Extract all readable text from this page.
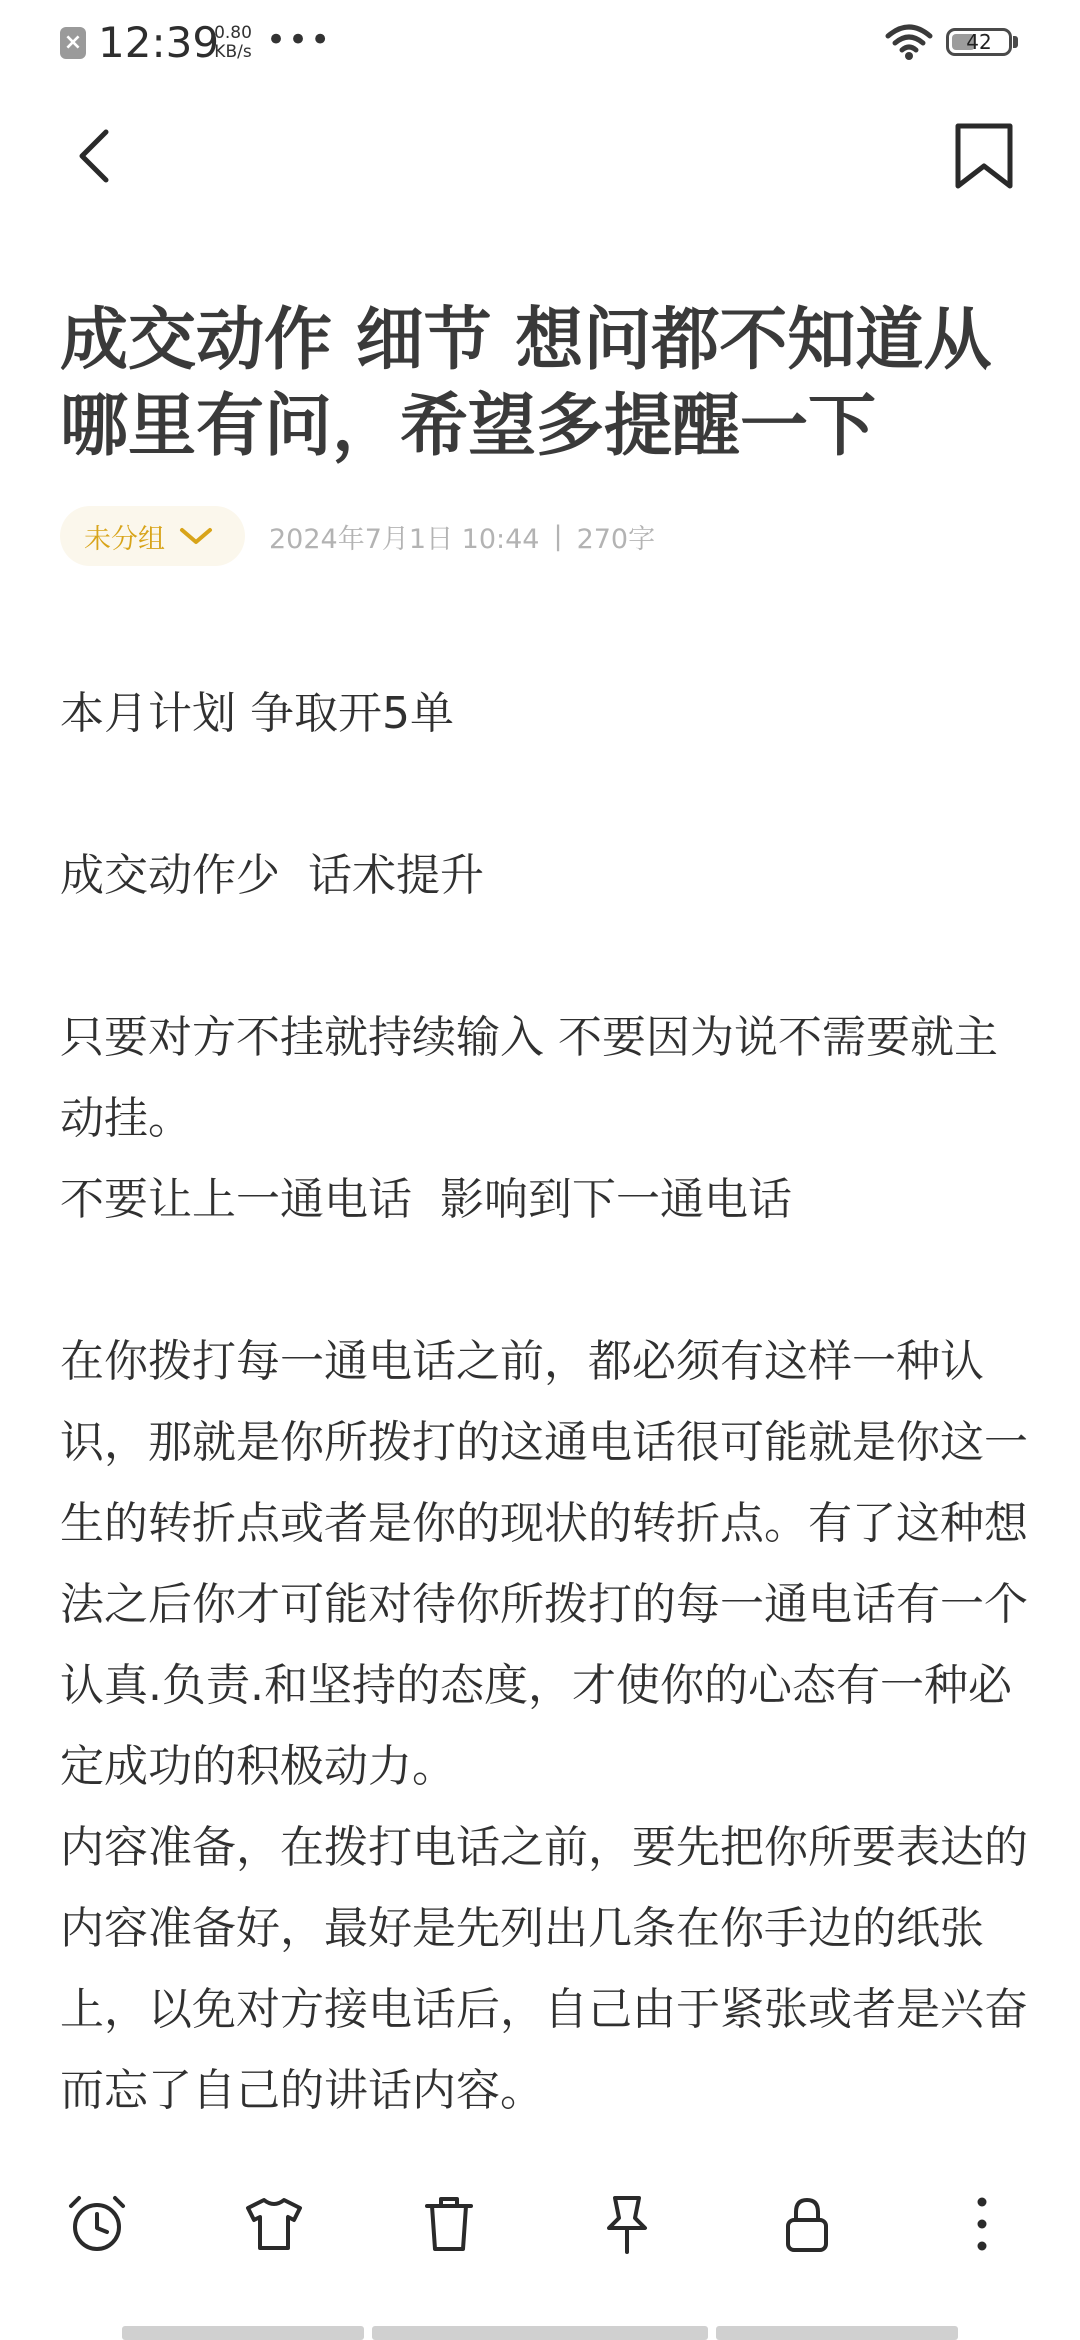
× 12:39
0.80
KB/s •••	42
成交动作 细节 想问都不知道从哪里有问，希望多提醒一下
未分组	2024年7月1日 10:44 | 270字

本月计划 争取开5单

成交动作少  话术提升

只要对方不挂就持续输入 不要因为说不需要就主动挂。

不要让上一通电话  影响到下一通电话

在你拨打每一通电话之前，都必须有这样一种认识，那就是你所拨打的这通电话很可能就是你这一生的转折点或者是你的现状的转折点。有了这种想法之后你才可能对待你所拨打的每一通电话有一个认真.负责.和坚持的态度，才使你的心态有一种必定成功的积极动力。

内容准备，在拨打电话之前，要先把你所要表达的内容准备好，最好是先列出几条在你手边的纸张上，以免对方接电话后，自己由于紧张或者是兴奋而忘了自己的讲话内容。
